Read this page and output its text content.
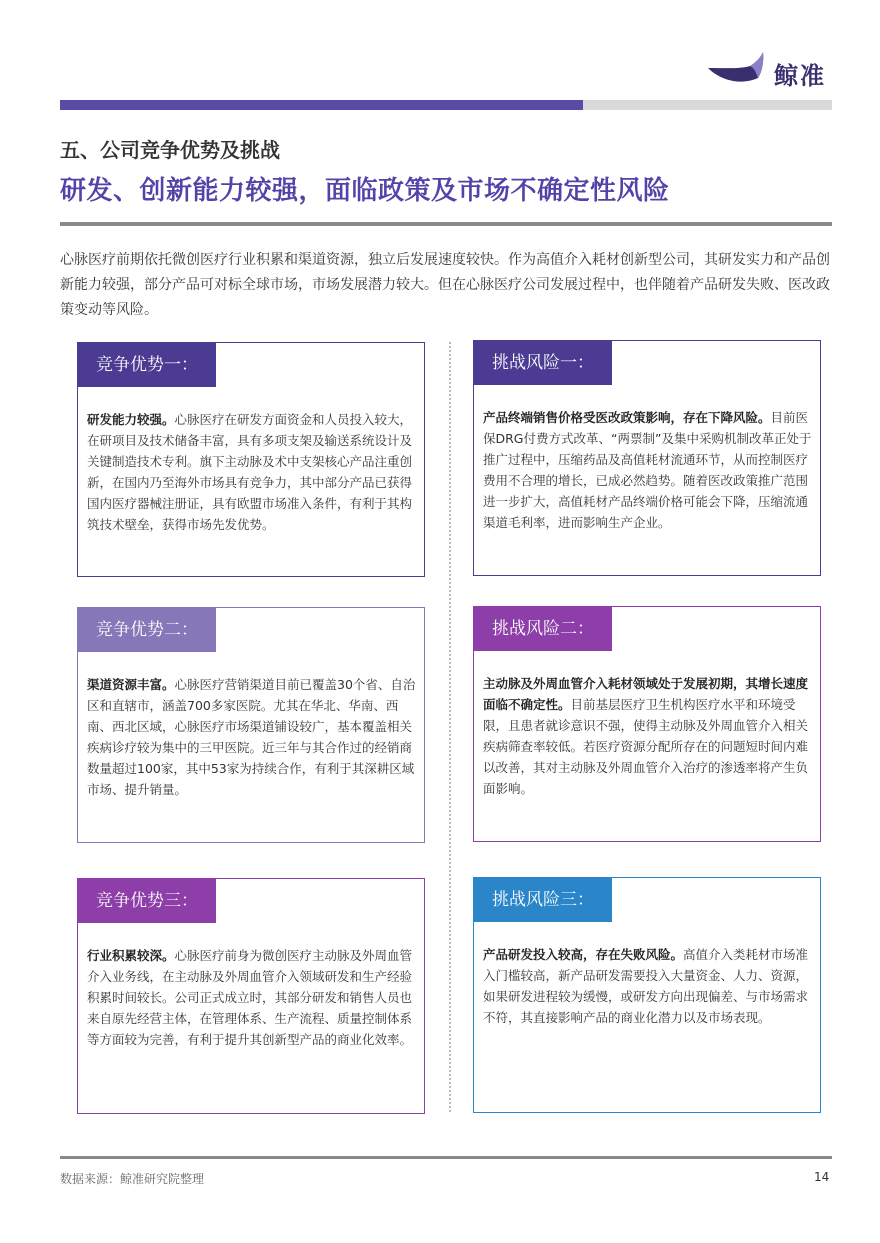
鲸准
五、公司竞争优势及挑战
研发、创新能力较强，面临政策及市场不确定性风险
心脉医疗前期依托微创医疗行业积累和渠道资源，独立后发展速度较快。作为高值介入耗材创新型公司，其研发实力和产品创新能力较强，部分产品可对标全球市场，市场发展潜力较大。但在心脉医疗公司发展过程中，也伴随着产品研发失败、医改政策变动等风险。
竞争优势一：
研发能力较强。心脉医疗在研发方面资金和人员投入较大，在研项目及技术储备丰富，具有多项支架及输送系统设计及关键制造技术专利。旗下主动脉及术中支架核心产品注重创新，在国内乃至海外市场具有竞争力，其中部分产品已获得国内医疗器械注册证，具有欧盟市场准入条件，有利于其构筑技术壁垒，获得市场先发优势。
竞争优势二：
渠道资源丰富。心脉医疗营销渠道目前已覆盖30个省、自治区和直辖市，涵盖700多家医院。尤其在华北、华南、西南、西北区域，心脉医疗市场渠道铺设较广，基本覆盖相关疾病诊疗较为集中的三甲医院。近三年与其合作过的经销商数量超过100家，其中53家为持续合作，有利于其深耕区域市场、提升销量。
竞争优势三：
行业积累较深。心脉医疗前身为微创医疗主动脉及外周血管介入业务线，在主动脉及外周血管介入领域研发和生产经验积累时间较长。公司正式成立时，其部分研发和销售人员也来自原先经营主体，在管理体系、生产流程、质量控制体系等方面较为完善，有利于提升其创新型产品的商业化效率。
挑战风险一：
产品终端销售价格受医改政策影响，存在下降风险。目前医保DRG付费方式改革、“两票制”及集中采购机制改革正处于推广过程中，压缩药品及高值耗材流通环节，从而控制医疗费用不合理的增长，已成必然趋势。随着医改政策推广范围进一步扩大，高值耗材产品终端价格可能会下降，压缩流通渠道毛利率，进而影响生产企业。
挑战风险二：
主动脉及外周血管介入耗材领域处于发展初期，其增长速度面临不确定性。目前基层医疗卫生机构医疗水平和环境受限，且患者就诊意识不强，使得主动脉及外周血管介入相关疾病筛查率较低。若医疗资源分配所存在的问题短时间内难以改善，其对主动脉及外周血管介入治疗的渗透率将产生负面影响。
挑战风险三：
产品研发投入较高，存在失败风险。高值介入类耗材市场准入门槛较高，新产品研发需要投入大量资金、人力、资源，如果研发进程较为缓慢，或研发方向出现偏差、与市场需求不符，其直接影响产品的商业化潜力以及市场表现。
数据来源：鲸准研究院整理	14
